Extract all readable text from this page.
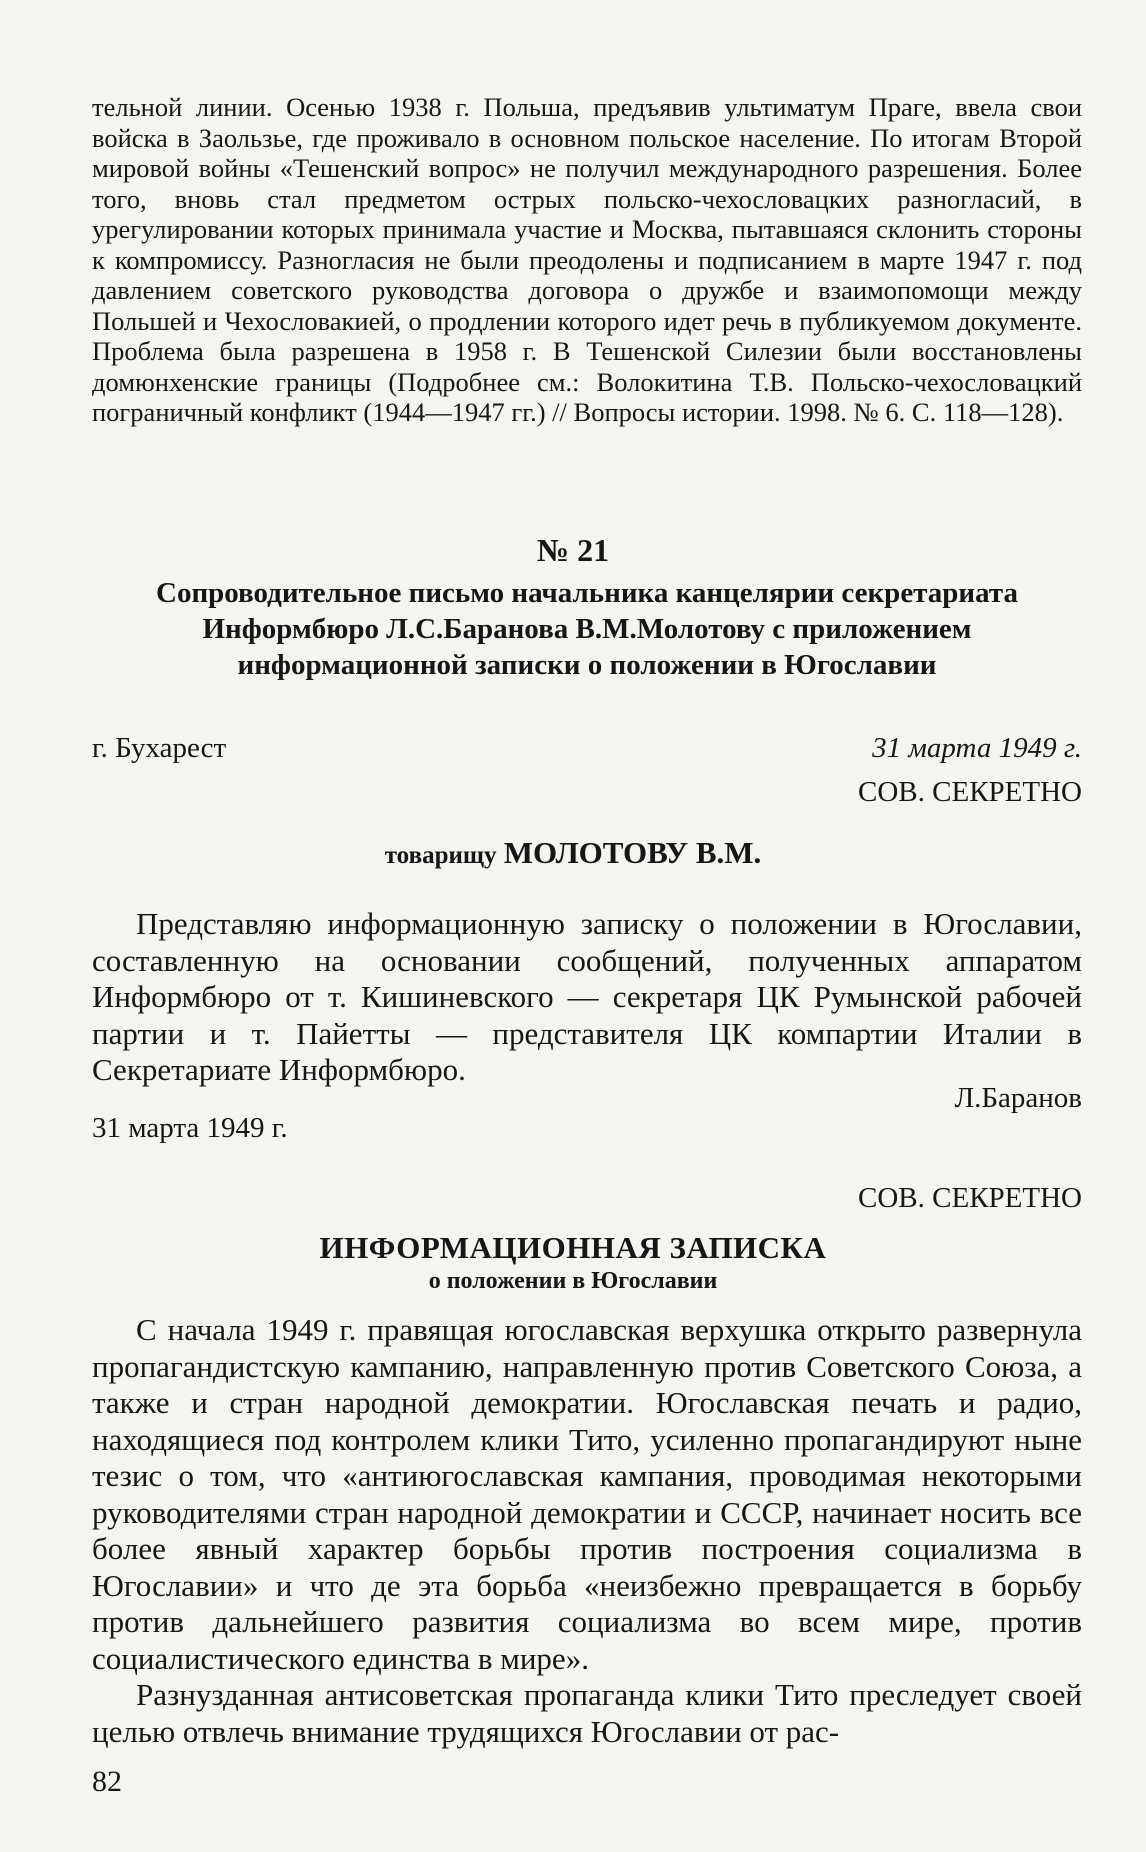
тельной линии. Осенью 1938 г. Польша, предъявив ультиматум Праге, ввела свои войска в Заользье, где проживало в основном польское население. По итогам Второй мировой войны «Тешенский вопрос» не получил международного разрешения. Более того, вновь стал предметом острых польско-чехословацких разногласий, в урегулировании которых принимала участие и Москва, пытавшаяся склонить стороны к компромиссу. Разногласия не были преодолены и подписанием в марте 1947 г. под давлением советского руководства договора о дружбе и взаимопомощи между Польшей и Чехословакией, о продлении которого идет речь в публикуемом документе. Проблема была разрешена в 1958 г. В Тешенской Силезии были восстановлены домюнхенские границы (Подробнее см.: Волокитина Т.В. Польско-чехословацкий пограничный конфликт (1944—1947 гг.) // Вопросы истории. 1998. № 6. С. 118—128).

№ 21
Сопроводительное письмо начальника канцелярии секретариата Информбюро Л.С.Баранова В.М.Молотову с приложением информационной записки о положении в Югославии
г. Бухарест	31 марта 1949 г.
СОВ. СЕКРЕТНО
товарищу МОЛОТОВУ В.М.

Представляю информационную записку о положении в Югославии, составленную на основании сообщений, полученных аппаратом Информбюро от т. Кишиневского — секретаря ЦК Румынской рабочей партии и т. Пайетты — представителя ЦК компартии Италии в Секретариате Информбюро.

Л.Баранов
31 марта 1949 г.
СОВ. СЕКРЕТНО
ИНФОРМАЦИОННАЯ ЗАПИСКА
о положении в Югославии

С начала 1949 г. правящая югославская верхушка открыто развернула пропагандистскую кампанию, направленную против Советского Союза, а также и стран народной демократии. Югославская печать и радио, находящиеся под контролем клики Тито, усиленно пропагандируют ныне тезис о том, что «антиюгославская кампания, проводимая некоторыми руководителями стран народной демократии и СССР, начинает носить все более явный характер борьбы против построения социализма в Югославии» и что де эта борьба «неизбежно превращается в борьбу против дальнейшего развития социализма во всем мире, против социалистического единства в мире».

Разнузданная антисоветская пропаганда клики Тито преследует своей целью отвлечь внимание трудящихся Югославии от рас-

82
